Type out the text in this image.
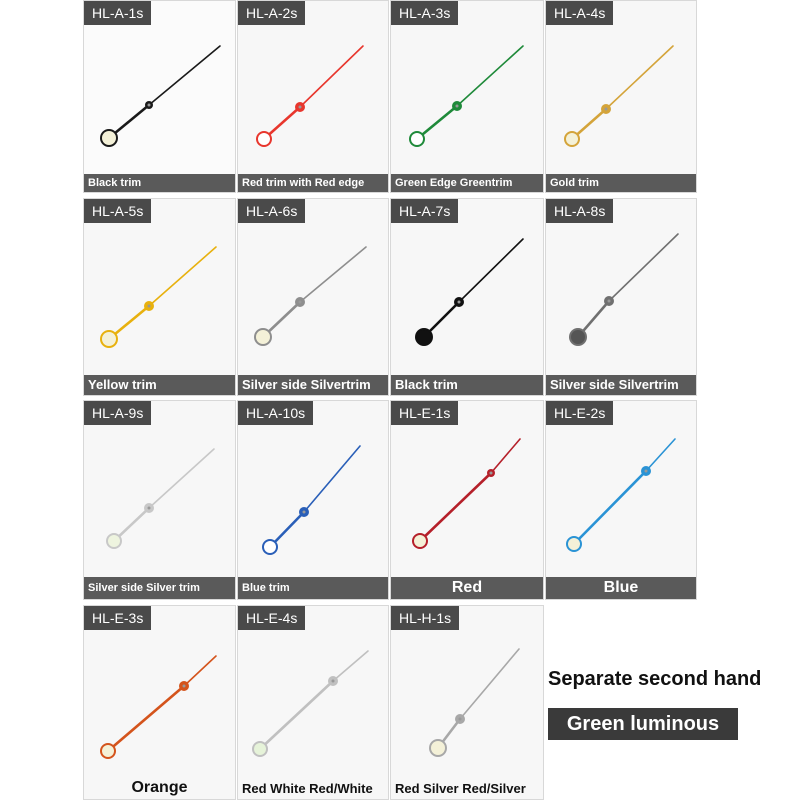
HL-A-1s
Black trim
HL-A-2s
Red trim with Red edge
HL-A-3s
Green Edge Greentrim
HL-A-4s
Gold trim
HL-A-5s
Yellow trim
HL-A-6s
Silver side Silvertrim
HL-A-7s
Black trim
HL-A-8s
Silver side Silvertrim
HL-A-9s
Silver side Silver trim
HL-A-10s
Blue trim
HL-E-1s
Red
HL-E-2s
Blue
HL-E-3s
Orange
HL-E-4s
Red White Red/White
HL-H-1s
Red Silver Red/Silver
Separate second hand
Green luminous
